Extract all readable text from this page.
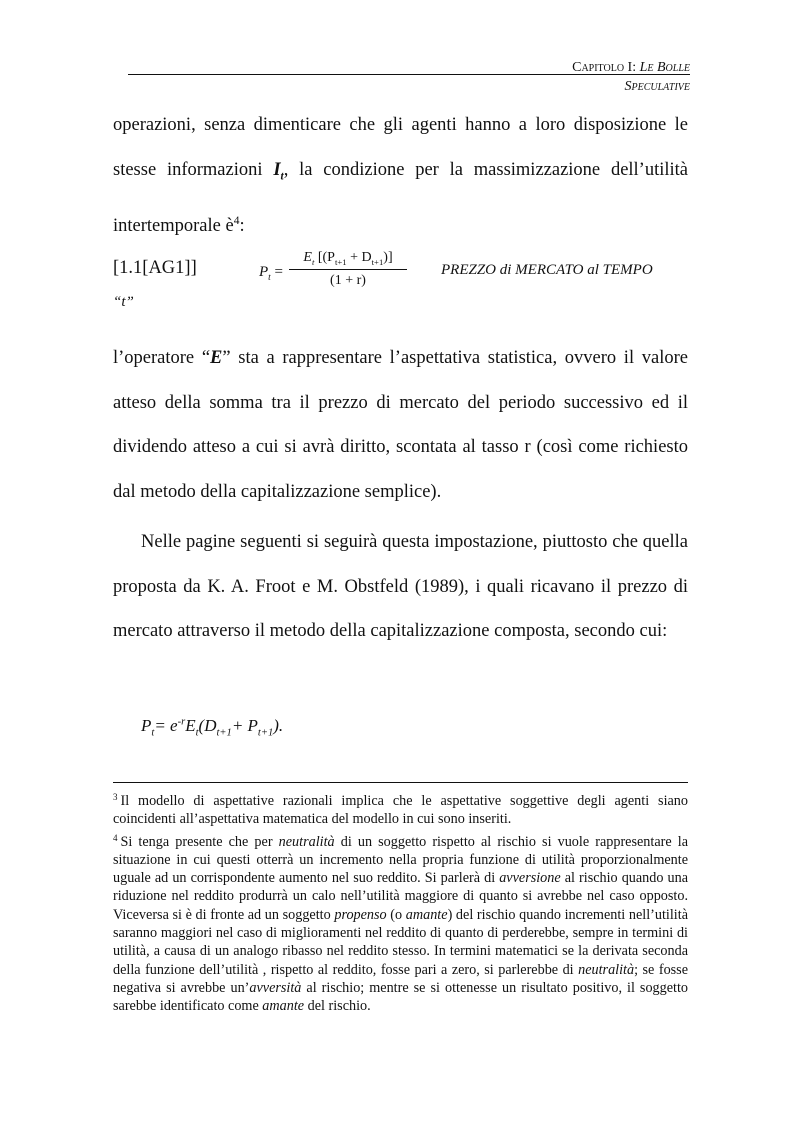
Capitolo I: Le Bolle
Speculative

operazioni, senza dimenticare che gli agenti hanno a loro disposizione le stesse informazioni $I_t$, la condizione per la massimizzazione dell’utilità intertemporale $è^4$:

[1.1[AG1]]	$P_t = \frac{E_t [(P_{t+1} + D_{t+1})]}{(1 + r)}$ PREZZO di MERCATO al TEMPO
“t”

l’operatore “E” sta a rappresentare l’aspettativa statistica, ovvero il valore atteso della somma tra il prezzo di mercato del periodo successivo ed il dividendo atteso a cui si avrà diritto, scontata al tasso r (così come richiesto dal metodo della capitalizzazione semplice).

Nelle pagine seguenti si seguirà questa impostazione, piuttosto che quella proposta da K. A. Froot e M. Obstfeld (1989), i quali ricavano il prezzo di mercato attraverso il metodo della capitalizzazione composta, secondo cui:

$P_t= e^{-r}E_t(D_{t+1}+ P_{t+1})$.

$^3$ Il modello di aspettative razionali implica che le aspettative soggettive degli agenti siano coincidenti all’aspettativa matematica del modello in cui sono inseriti.

$^4$ Si tenga presente che per neutralità di un soggetto rispetto al rischio si vuole rappresentare la situazione in cui questi otterrà un incremento nella propria funzione di utilità proporzionalmente uguale ad un corrispondente aumento nel suo reddito. Si parlerà di avversione al rischio quando una riduzione nel reddito produrrà un calo nell’utilità maggiore di quanto si avrebbe nel caso opposto. Viceversa si è di fronte ad un soggetto propenso (o amante) del rischio quando incrementi nell’utilità saranno maggiori nel caso di miglioramenti nel reddito di quanto di perderebbe, sempre in termini di utilità, a causa di un analogo ribasso nel reddito stesso. In termini matematici se la derivata seconda della funzione dell’utilità , rispetto al reddito, fosse pari a zero, si parlerebbe di neutralità; se fosse negativa si avrebbe un’avversità al rischio; mentre se si ottenesse un risultato positivo, il soggetto sarebbe identificato come amante del rischio.
